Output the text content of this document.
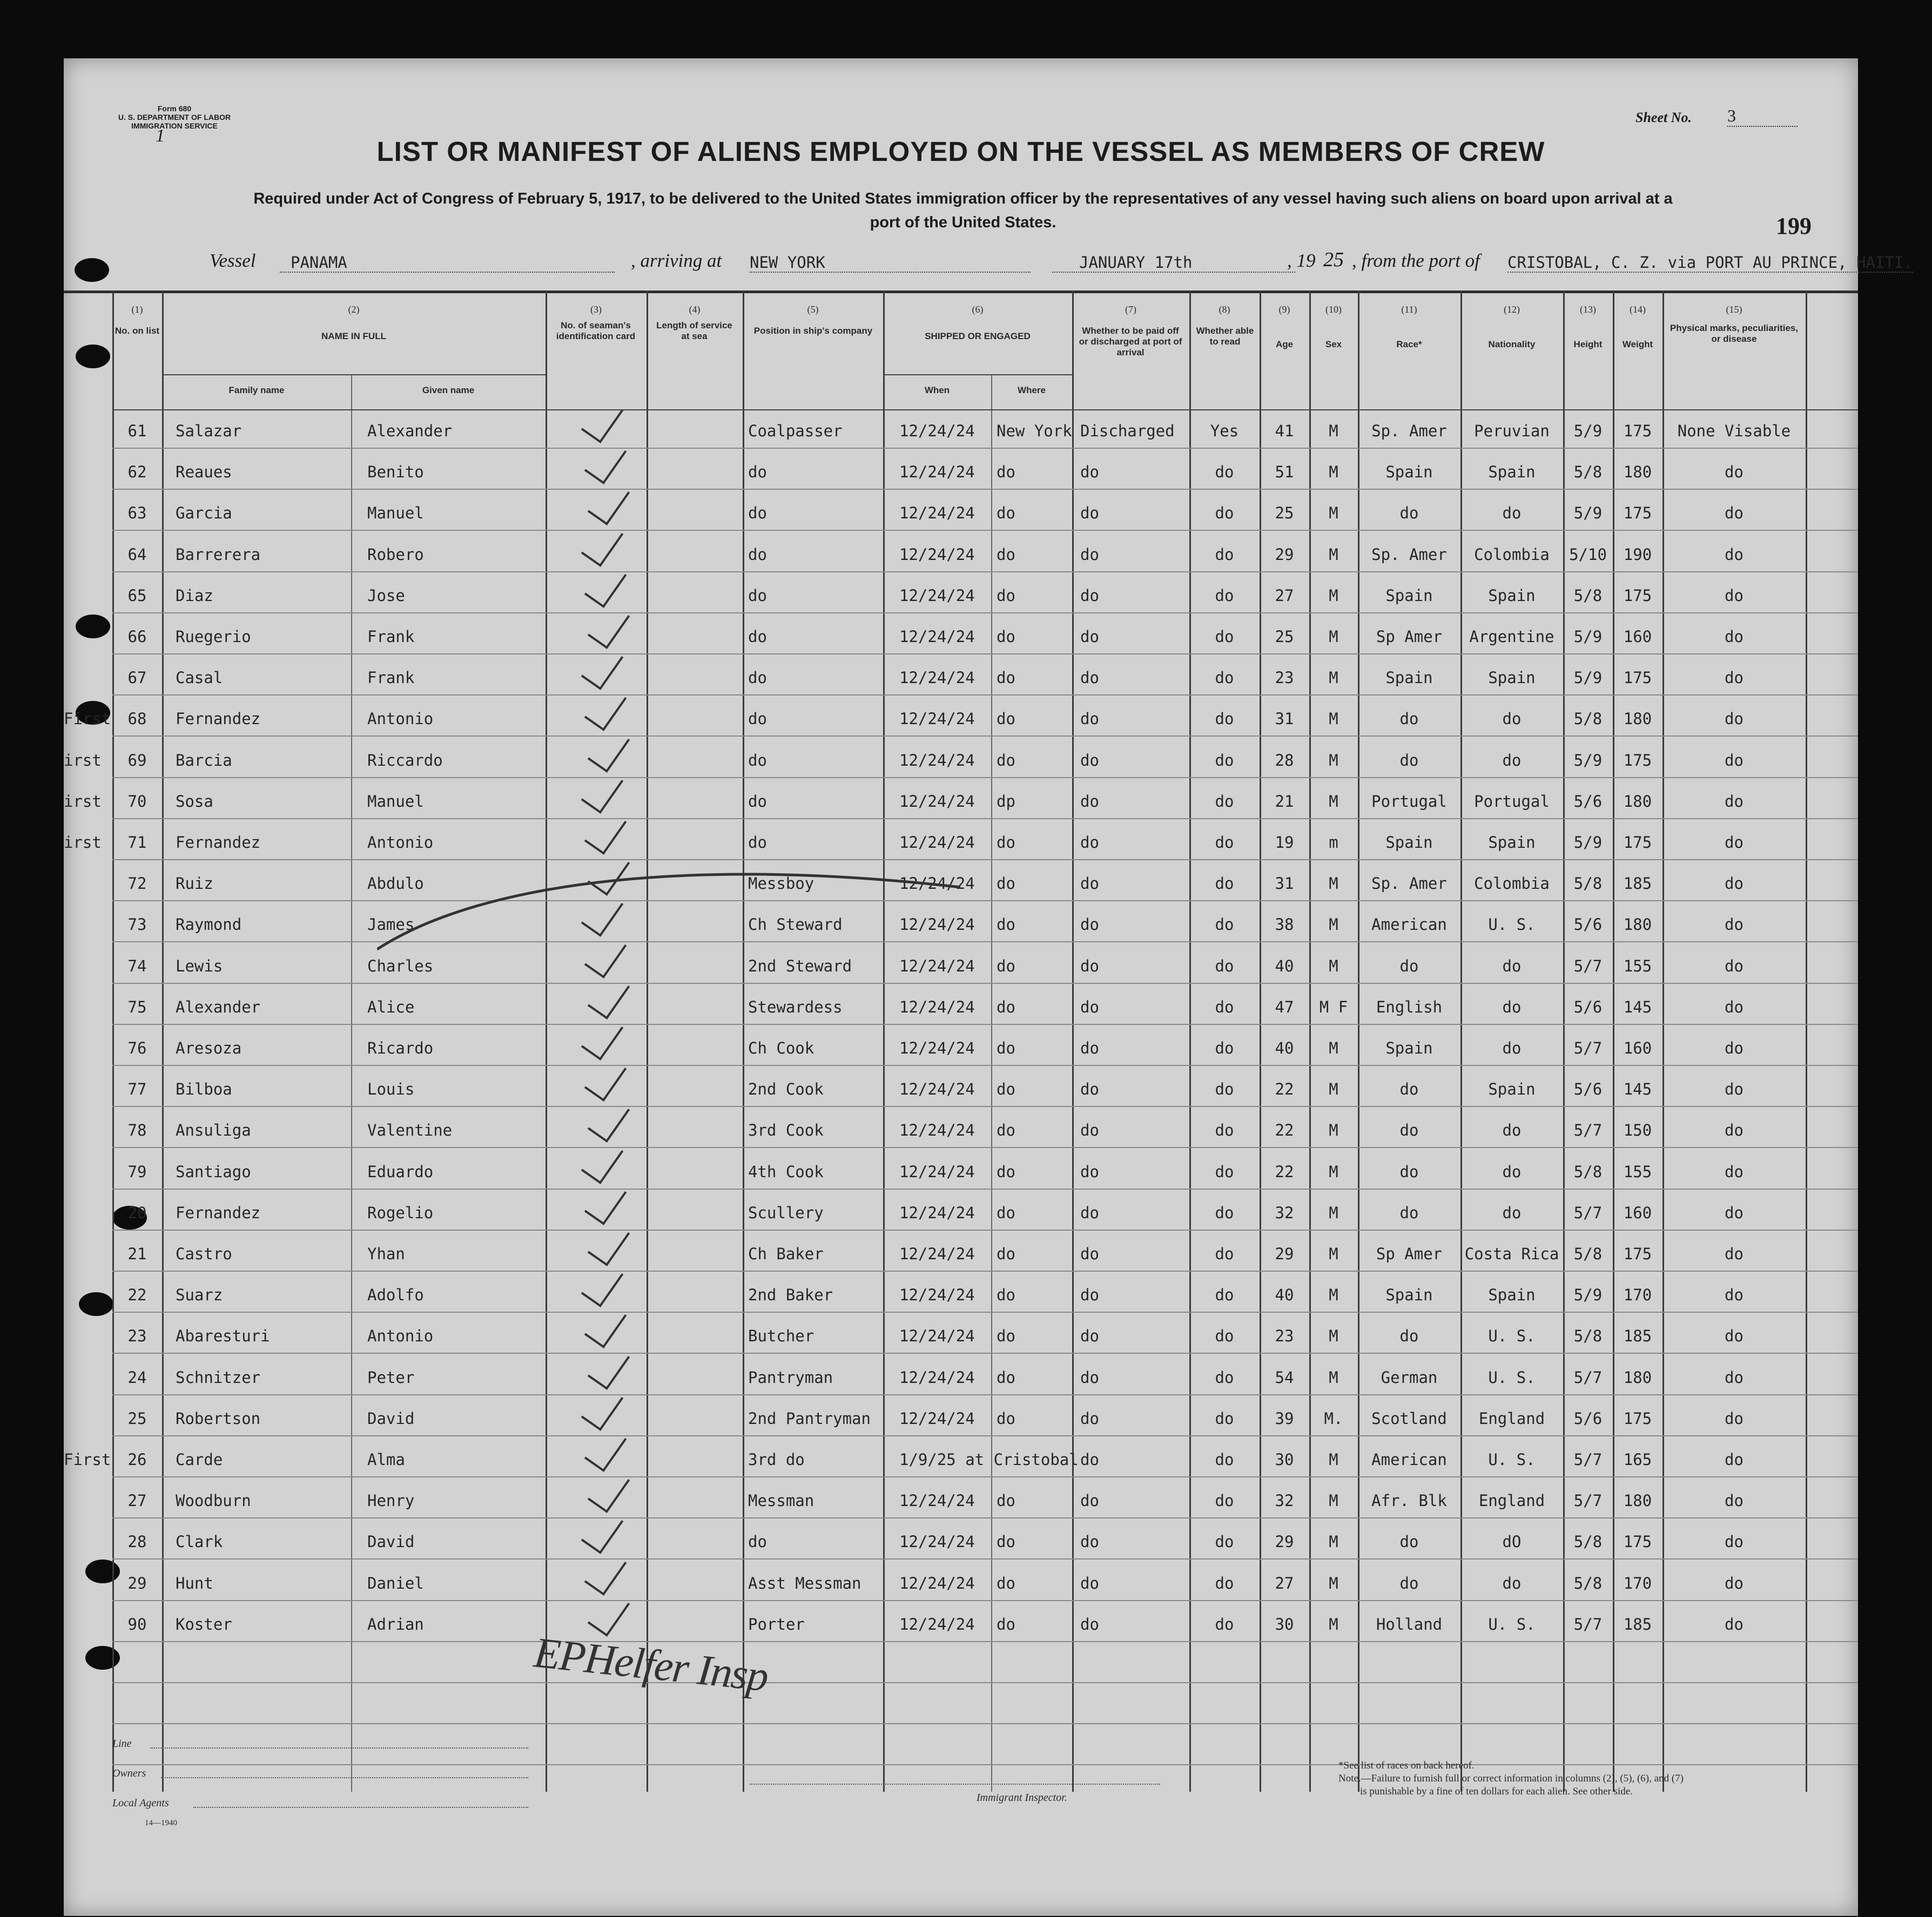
Form 680
U. S. DEPARTMENT OF LABOR
IMMIGRATION SERVICE
1
Sheet No. 3
LIST OR MANIFEST OF ALIENS EMPLOYED ON THE VESSEL AS MEMBERS OF CREW
Required under Act of Congress of February 5, 1917, to be delivered to the United States immigration officer by the representatives of any vessel having such aliens on board upon arrival at a
port of the United States.	199
Vessel	PANAMA	, arriving at NEW YORK	JANUARY 17th	, 19 25 , from the port of CRISTOBAL, C. Z. via PORT AU PRINCE, HAITI.
(1)	(2)	(3)	(4)	(5)	(6)	(7)	(8)	(9)	(10)	(11)	(12)	(13)	(14)	(15)
No. on list
NAME IN FULL
Family name	Given name
No. of seaman's identification card
Length of service at sea
Position in ship's company
SHIPPED OR ENGAGED
When	Where
Whether to be paid off or discharged at port of arrival
Whether able to read	Age	Sex	Race*	Nationality	Height	Weight
Physical marks, peculiarities, or disease
61	Salazar	Alexander	Coalpasser	12/24/24	New York Discharged	Yes	41	M	Sp. Amer	Peruvian	5/9	175	None Visable
62	Reaues	Benito	do	12/24/24	do	do	do	51	M	Spain	Spain	5/8	180	do
63	Garcia	Manuel	do	12/24/24	do	do	do	25	M	do	do	5/9	175	do
64	Barrerera	Robero	do	12/24/24	do	do	do	29	M	Sp. Amer	Colombia	5/10	190	do
65	Diaz	Jose	do	12/24/24	do	do	do	27	M	Spain	Spain	5/8	175	do
66	Ruegerio	Frank	do	12/24/24	do	do	do	25	M	Sp Amer	Argentine	5/9	160	do
67	Casal	Frank	do	12/24/24	do	do	do	23	M	Spain	Spain	5/9	175	do
First	68	Fernandez	Antonio	do	12/24/24	do	do	do	31	M	do	do	5/8	180	do
irst	69	Barcia	Riccardo	do	12/24/24	do	do	do	28	M	do	do	5/9	175	do
irst	70	Sosa	Manuel	do	12/24/24	dp	do	do	21	M	Portugal	Portugal	5/6	180	do
irst	71	Fernandez	Antonio	do	12/24/24	do	do	do	19	m	Spain	Spain	5/9	175	do
72	Ruiz	Abdulo	Messboy	12/24/24	do	do	do	31	M	Sp. Amer	Colombia	5/8	185	do
73	Raymond	James	Ch Steward	12/24/24	do	do	do	38	M	American	U. S.	5/6	180	do
74	Lewis	Charles	2nd Steward	12/24/24	do	do	do	40	M	do	do	5/7	155	do
75	Alexander	Alice	Stewardess	12/24/24	do	do	do	47	M F	English	do	5/6	145	do
76	Aresoza	Ricardo	Ch Cook	12/24/24	do	do	do	40	M	Spain	do	5/7	160	do
77	Bilboa	Louis	2nd Cook	12/24/24	do	do	do	22	M	do	Spain	5/6	145	do
78	Ansuliga	Valentine	3rd Cook	12/24/24	do	do	do	22	M	do	do	5/7	150	do
79	Santiago	Eduardo	4th Cook	12/24/24	do	do	do	22	M	do	do	5/8	155	do
20	Fernandez	Rogelio	Scullery	12/24/24	do	do	do	32	M	do	do	5/7	160	do
21	Castro	Yhan	Ch Baker	12/24/24	do	do	do	29	M	Sp Amer	Costa Rica 5/8	175	do
22	Suarz	Adolfo	2nd Baker	12/24/24	do	do	do	40	M	Spain	Spain	5/9	170	do
23	Abaresturi	Antonio	Butcher	12/24/24	do	do	do	23	M	do	U. S.	5/8	185	do
24	Schnitzer	Peter	Pantryman	12/24/24	do	do	do	54	M	German	U. S.	5/7	180	do
25	Robertson	David	2nd Pantryman	12/24/24	do	do	do	39	M.	Scotland	England	5/6	175	do
First	26	Carde	Alma	3rd do	1/9/25 at Cristobal do	do	30	M	American	U. S.	5/7	165	do
27	Woodburn	Henry	Messman	12/24/24	do	do	do	32	M	Afr. Blk	England	5/7	180	do
28	Clark	David	do	12/24/24	do	do	do	29	M	do	dO	5/8	175	do
29	Hunt	Daniel	Asst Messman	12/24/24	do	do	do	27	M	do	do	5/8	170	do
90	Koster	Adrian	Porter	12/24/24	do	do	do	30	M	Holland	U. S.	5/7	185	do
EPHelfer Insp
Line
Owners
Local Agents
14—1940
Immigrant Inspector.
*See list of races on back hereof.
Note.—Failure to furnish full or correct information in columns (2), (5), (6), and (7)
is punishable by a fine of ten dollars for each alien. See other side.
